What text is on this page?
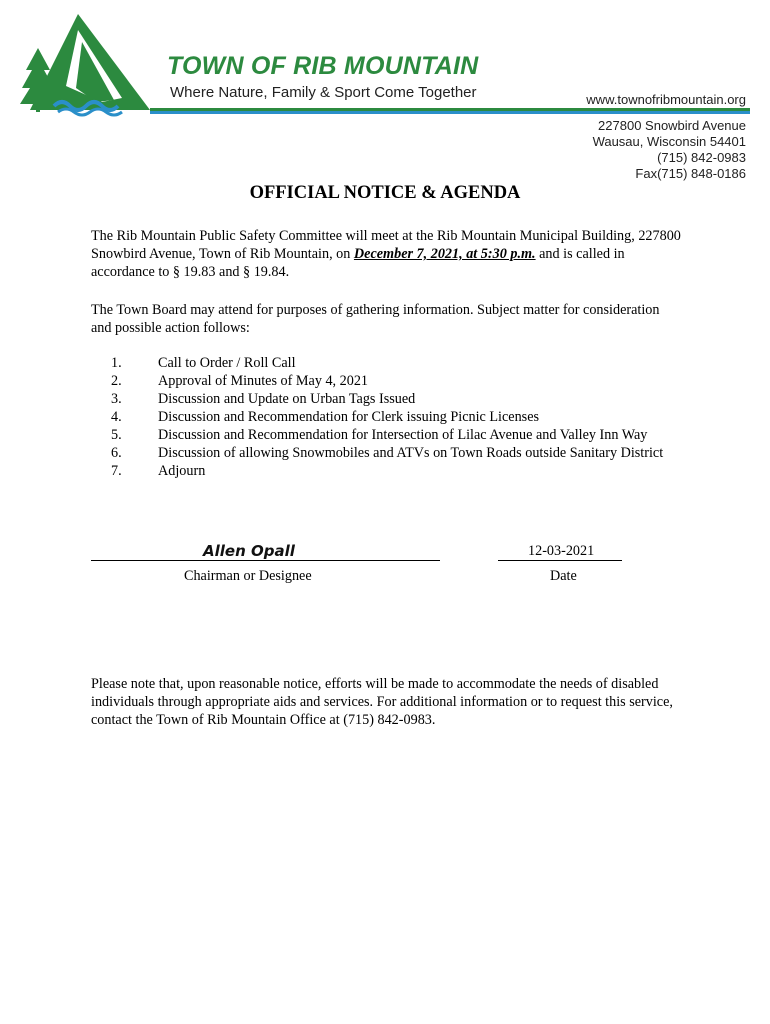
TOWN OF RIB MOUNTAIN
Where Nature, Family & Sport Come Together	www.townofribmountain.org
227800 Snowbird Avenue
Wausau, Wisconsin 54401
(715) 842-0983
Fax(715) 848-0186
OFFICIAL NOTICE & AGENDA
The Rib Mountain Public Safety Committee will meet at the Rib Mountain Municipal Building, 227800 Snowbird Avenue, Town of Rib Mountain, on December 7, 2021, at 5:30 p.m. and is called in accordance to § 19.83 and § 19.84.
The Town Board may attend for purposes of gathering information. Subject matter for consideration and possible action follows:
1.	Call to Order / Roll Call
2.	Approval of Minutes of May 4, 2021
3.	Discussion and Update on Urban Tags Issued
4.	Discussion and Recommendation for Clerk issuing Picnic Licenses
5.	Discussion and Recommendation for Intersection of Lilac Avenue and Valley Inn Way
6.	Discussion of allowing Snowmobiles and ATVs on Town Roads outside Sanitary District
7.	Adjourn
Allen Opall	12-03-2021
Chairman or Designee	Date
Please note that, upon reasonable notice, efforts will be made to accommodate the needs of disabled individuals through appropriate aids and services. For additional information or to request this service, contact the Town of Rib Mountain Office at (715) 842-0983.
